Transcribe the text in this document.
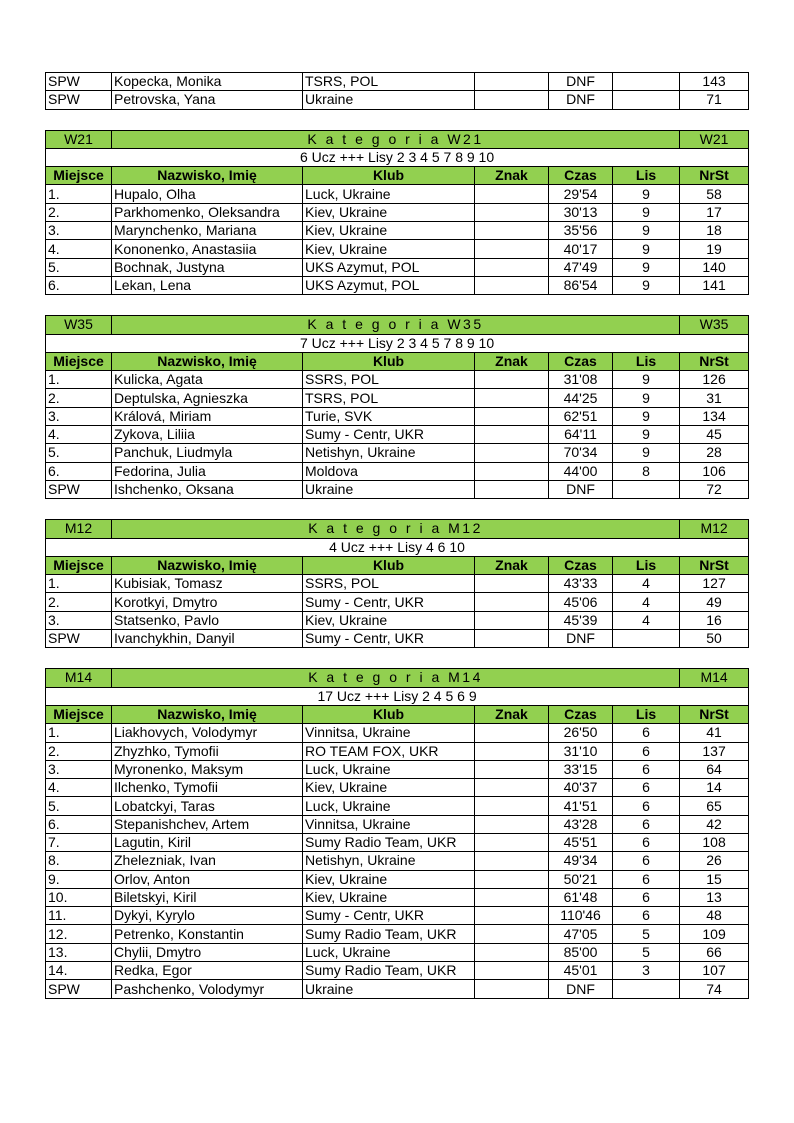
SPW	Kopecka, Monika	TSRS, POL		DNF		143
SPW	Petrovska, Yana	Ukraine		DNF		71
W21	K a t e g o r i a W21					W21
6 Ucz +++ Lisy 2 3 4 5 7 8 9 10						
Miejsce	Nazwisko, Imię	Klub	Znak	Czas	Lis	NrSt
1.	Hupalo, Olha	Luck, Ukraine		29'54	9	58
2.	Parkhomenko, Oleksandra	Kiev, Ukraine		30'13	9	17
3.	Marynchenko, Mariana	Kiev, Ukraine		35'56	9	18
4.	Kononenko, Anastasiia	Kiev, Ukraine		40'17	9	19
5.	Bochnak, Justyna	UKS Azymut, POL		47'49	9	140
6.	Lekan, Lena	UKS Azymut, POL		86'54	9	141
W35	K a t e g o r i a W35					W35
7 Ucz +++ Lisy 2 3 4 5 7 8 9 10						
Miejsce	Nazwisko, Imię	Klub	Znak	Czas	Lis	NrSt
1.	Kulicka, Agata	SSRS, POL		31'08	9	126
2.	Deptulska, Agnieszka	TSRS, POL		44'25	9	31
3.	Králová, Miriam	Turie, SVK		62'51	9	134
4.	Zykova, Liliia	Sumy - Centr, UKR		64'11	9	45
5.	Panchuk, Liudmyla	Netishyn, Ukraine		70'34	9	28
6.	Fedorina, Julia	Moldova		44'00	8	106
SPW	Ishchenko, Oksana	Ukraine		DNF		72
M12	K a t e g o r i a M12					M12
4 Ucz +++ Lisy 4 6 10						
Miejsce	Nazwisko, Imię	Klub	Znak	Czas	Lis	NrSt
1.	Kubisiak, Tomasz	SSRS, POL		43'33	4	127
2.	Korotkyi, Dmytro	Sumy - Centr, UKR		45'06	4	49
3.	Statsenko, Pavlo	Kiev, Ukraine		45'39	4	16
SPW	Ivanchykhin, Danyil	Sumy - Centr, UKR		DNF		50
M14	K a t e g o r i a M14					M14
17 Ucz +++ Lisy 2 4 5 6 9						
Miejsce	Nazwisko, Imię	Klub	Znak	Czas	Lis	NrSt
1.	Liakhovych, Volodymyr	Vinnitsa, Ukraine		26'50	6	41
2.	Zhyzhko, Tymofii	RO TEAM FOX, UKR		31'10	6	137
3.	Myronenko, Maksym	Luck, Ukraine		33'15	6	64
4.	Ilchenko, Tymofii	Kiev, Ukraine		40'37	6	14
5.	Lobatckyi, Taras	Luck, Ukraine		41'51	6	65
6.	Stepanishchev, Artem	Vinnitsa, Ukraine		43'28	6	42
7.	Lagutin, Kiril	Sumy Radio Team, UKR		45'51	6	108
8.	Zhelezniak, Ivan	Netishyn, Ukraine		49'34	6	26
9.	Orlov, Anton	Kiev, Ukraine		50'21	6	15
10.	Biletskyi, Kiril	Kiev, Ukraine		61'48	6	13
11.	Dykyi, Kyrylo	Sumy - Centr, UKR		110'46	6	48
12.	Petrenko, Konstantin	Sumy Radio Team, UKR		47'05	5	109
13.	Chylii, Dmytro	Luck, Ukraine		85'00	5	66
14.	Redka, Egor	Sumy Radio Team, UKR		45'01	3	107
SPW	Pashchenko, Volodymyr	Ukraine		DNF		74
